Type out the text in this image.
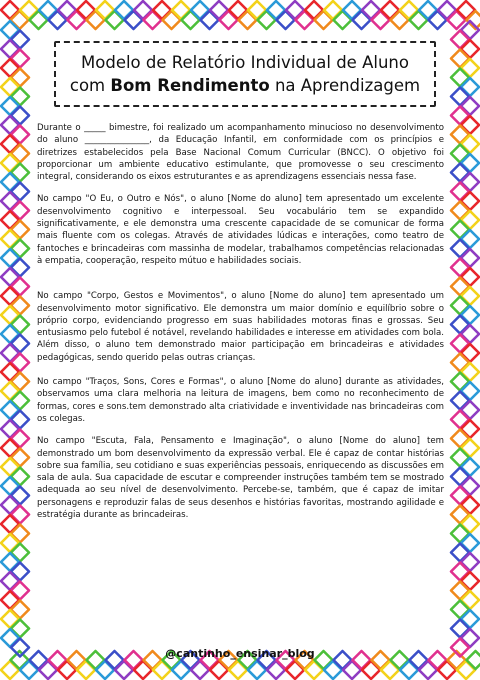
Modelo de Relatório Individual de Aluno
com Bom Rendimento na Aprendizagem

Durante o _____ bimestre, foi realizado um acompanhamento minucioso no desenvolvimento do aluno _______________, da Educação Infantil, em conformidade com os princípios e diretrizes estabelecidos pela Base Nacional Comum Curricular (BNCC). O objetivo foi proporcionar um ambiente educativo estimulante, que promovesse o seu crescimento integral, considerando os eixos estruturantes e as aprendizagens essenciais nessa fase.

No campo "O Eu, o Outro e Nós", o aluno [Nome do aluno] tem apresentado um excelente desenvolvimento cognitivo e interpessoal. Seu vocabulário tem se expandido significativamente, e ele demonstra uma crescente capacidade de se comunicar de forma mais fluente com os colegas. Através de atividades lúdicas e interações, como teatro de fantoches e brincadeiras com massinha de modelar, trabalhamos competências relacionadas à empatia, cooperação, respeito mútuo e habilidades sociais.

No campo "Corpo, Gestos e Movimentos", o aluno [Nome do aluno] tem apresentado um desenvolvimento motor significativo. Ele demonstra um maior domínio e equilíbrio sobre o próprio corpo, evidenciando progresso em suas habilidades motoras finas e grossas. Seu entusiasmo pelo futebol é notável, revelando habilidades e interesse em atividades com bola. Além disso, o aluno tem demonstrado maior participação em brincadeiras e atividades pedagógicas, sendo querido pelas outras crianças.

No campo "Traços, Sons, Cores e Formas", o aluno [Nome do aluno] durante as atividades, observamos uma clara melhoria na leitura de imagens, bem como no reconhecimento de formas, cores e sons.tem demonstrado alta criatividade e inventividade nas brincadeiras com os colegas.

No campo "Escuta, Fala, Pensamento e Imaginação", o aluno [Nome do aluno] tem demonstrado um bom desenvolvimento da expressão verbal. Ele é capaz de contar histórias sobre sua família, seu cotidiano e suas experiências pessoais, enriquecendo as discussões em sala de aula. Sua capacidade de escutar e compreender instruções também tem se mostrado adequada ao seu nível de desenvolvimento. Percebe-se, também, que é capaz de imitar personagens e reproduzir falas de seus desenhos e histórias favoritas, mostrando agilidade e estratégia durante as brincadeiras.

@cantinho_ensinar_blog
